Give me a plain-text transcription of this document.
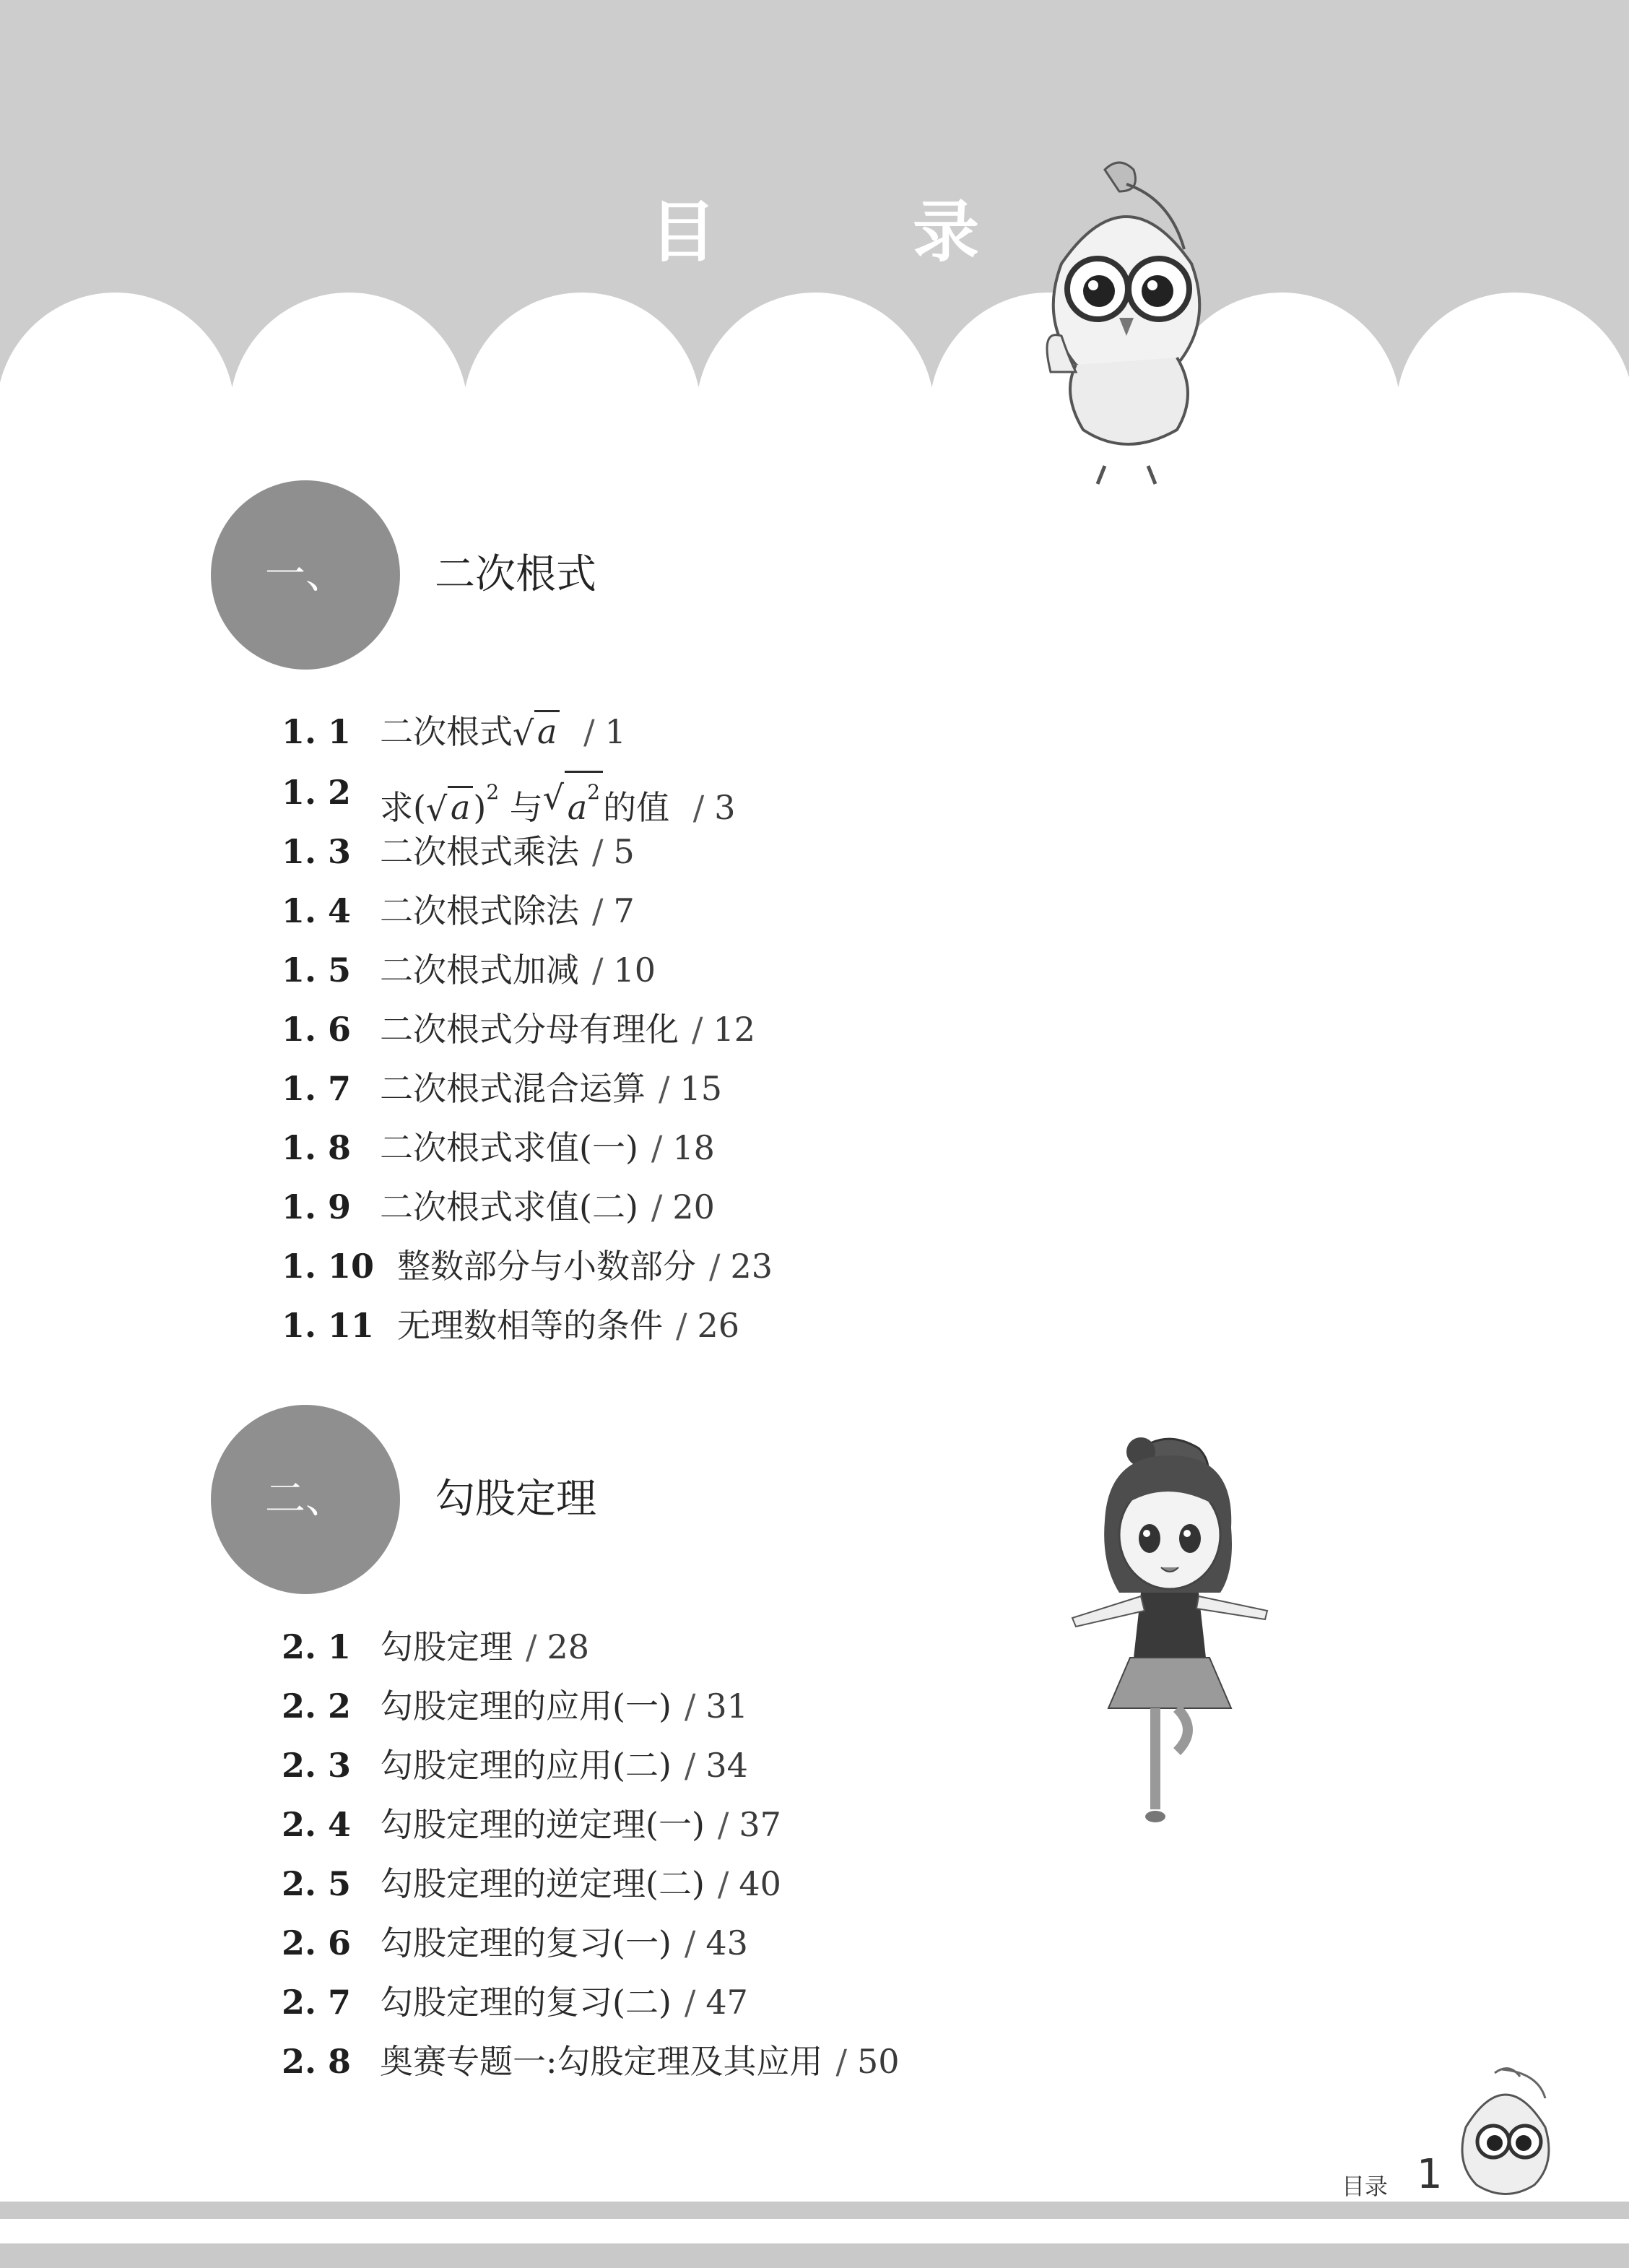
目 录
一、	二次根式
1. 1 二次根式 √ a / 1
1. 2 求( √ a)$^2$ 与 √ $a^2$的值 / 3
1. 3 二次根式乘法 / 5
1. 4 二次根式除法 / 7
1. 5 二次根式加减 / 10
1. 6 二次根式分母有理化 / 12
1. 7 二次根式混合运算 / 15
1. 8 二次根式求值(一) / 18
1. 9 二次根式求值(二) / 20
1. 10 整数部分与小数部分 / 23
1. 11 无理数相等的条件 / 26
二、	勾股定理
2. 1 勾股定理 / 28
2. 2 勾股定理的应用(一) / 31
2. 3 勾股定理的应用(二) / 34
2. 4 勾股定理的逆定理(一) / 37
2. 5 勾股定理的逆定理(二) / 40
2. 6 勾股定理的复习(一) / 43
2. 7 勾股定理的复习(二) / 47
2. 8 奥赛专题一:勾股定理及其应用 / 50
目录 1
